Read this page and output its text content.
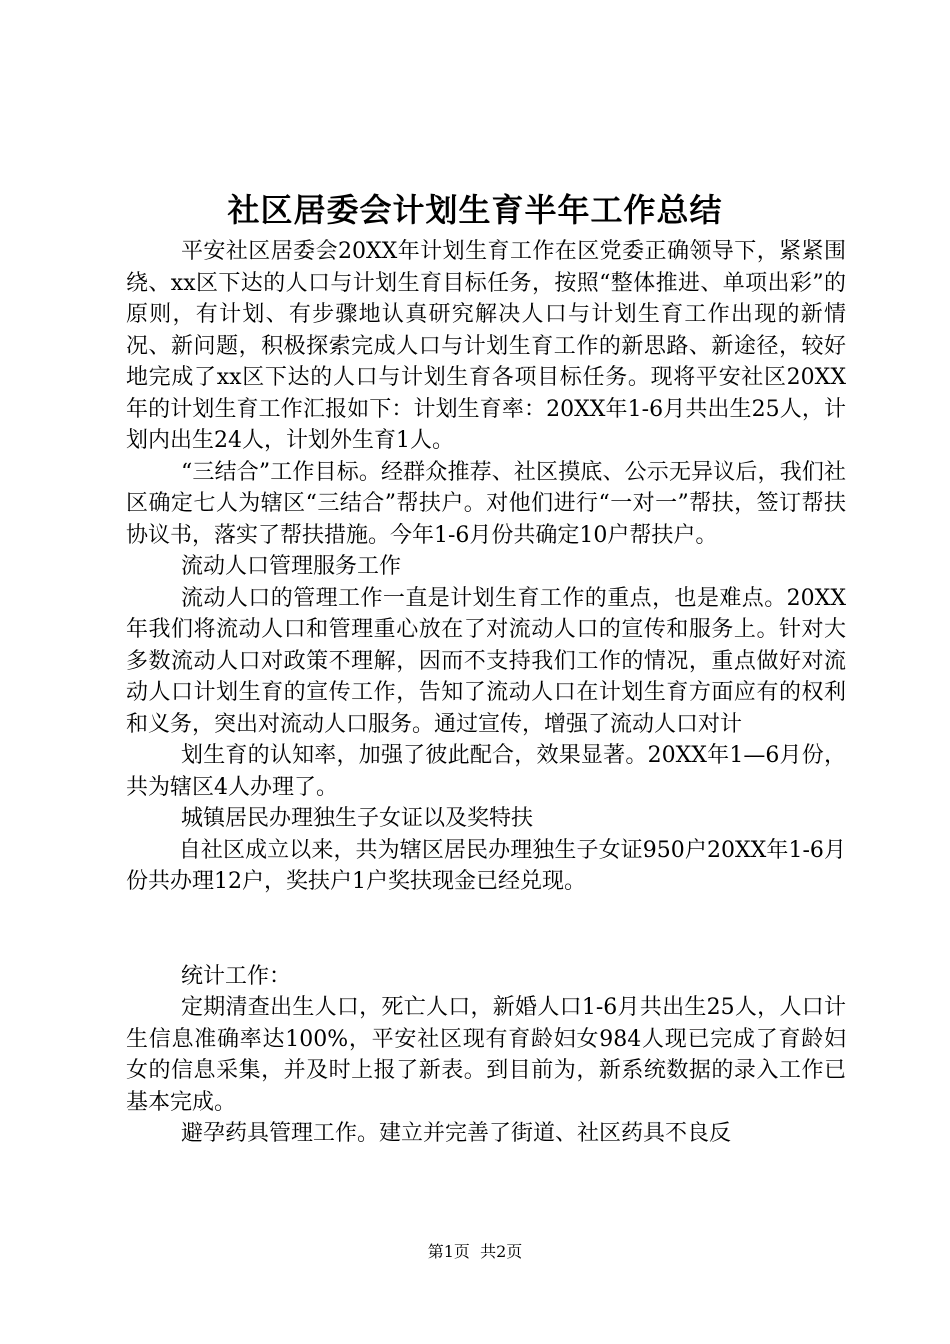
社区居委会计划生育半年工作总结

平安社区居委会20XX年计划生育工作在区党委正确领导下，紧紧围绕、xx区下达的人口与计划生育目标任务，按照“整体推进、单项出彩”的原则，有计划、有步骤地认真研究解决人口与计划生育工作出现的新情况、新问题，积极探索完成人口与计划生育工作的新思路、新途径，较好地完成了xx区下达的人口与计划生育各项目标任务。现将平安社区20XX年的计划生育工作汇报如下：计划生育率：20XX年1-6月共出生25人，计划内出生24人，计划外生育1人。

“三结合”工作目标。经群众推荐、社区摸底、公示无异议后，我们社区确定七人为辖区“三结合”帮扶户。对他们进行“一对一”帮扶，签订帮扶协议书，落实了帮扶措施。今年1-6月份共确定10户帮扶户。

流动人口管理服务工作

流动人口的管理工作一直是计划生育工作的重点，也是难点。20XX年我们将流动人口和管理重心放在了对流动人口的宣传和服务上。针对大多数流动人口对政策不理解，因而不支持我们工作的情况，重点做好对流动人口计划生育的宣传工作，告知了流动人口在计划生育方面应有的权利和义务，突出对流动人口服务。通过宣传，增强了流动人口对计

划生育的认知率，加强了彼此配合，效果显著。20XX年1—6月份，共为辖区4人办理了。

城镇居民办理独生子女证以及奖特扶

自社区成立以来，共为辖区居民办理独生子女证950户20XX年1-6月份共办理12户，奖扶户1户奖扶现金已经兑现。

统计工作：

定期清查出生人口，死亡人口，新婚人口1-6月共出生25人，人口计生信息准确率达100%，平安社区现有育龄妇女984人现已完成了育龄妇女的信息采集，并及时上报了新表。到目前为，新系统数据的录入工作已基本完成。

避孕药具管理工作。建立并完善了街道、社区药具不良反

第1页  共2页
